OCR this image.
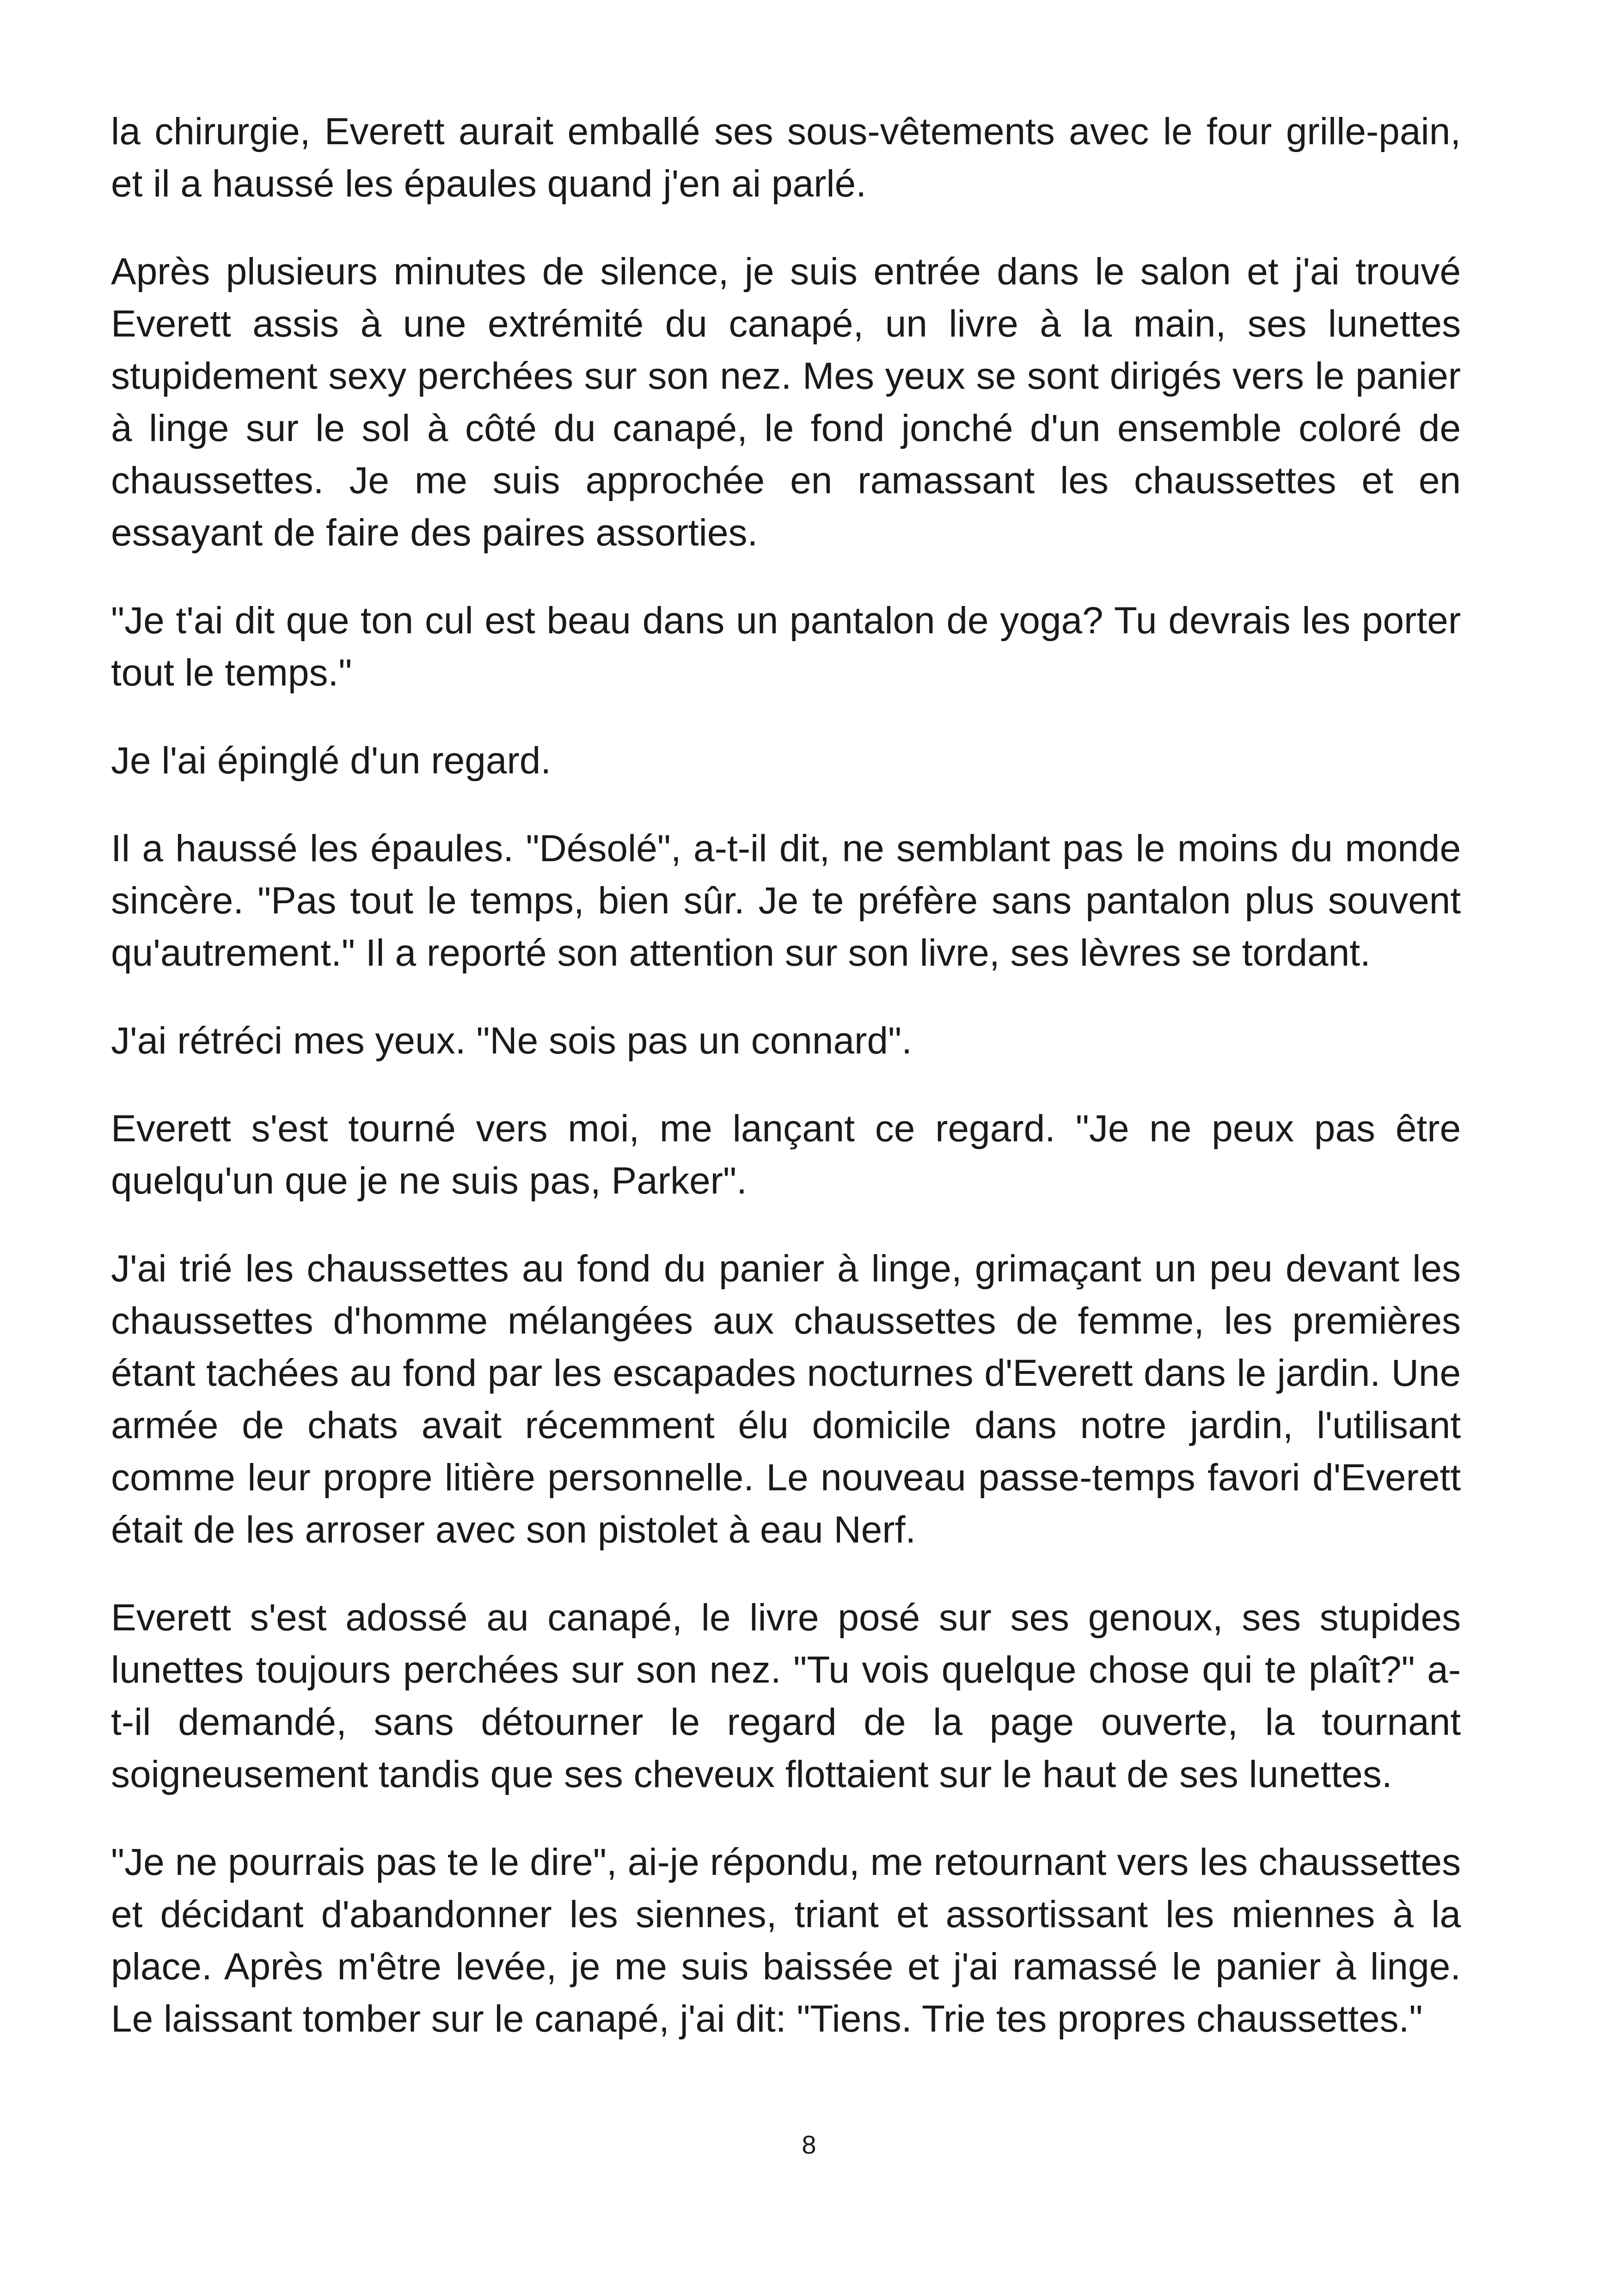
la chirurgie, Everett aurait emballé ses sous-vêtements avec le four grille-pain, et il a haussé les épaules quand j'en ai parlé.

Après plusieurs minutes de silence, je suis entrée dans le salon et j'ai trouvé Everett assis à une extrémité du canapé, un livre à la main, ses lunettes stupidement sexy perchées sur son nez. Mes yeux se sont dirigés vers le panier à linge sur le sol à côté du canapé, le fond jonché d'un ensemble coloré de chaussettes. Je me suis approchée en ramassant les chaussettes et en essayant de faire des paires assorties.

"Je t'ai dit que ton cul est beau dans un pantalon de yoga? Tu devrais les porter tout le temps."

Je l'ai épinglé d'un regard.

Il a haussé les épaules. "Désolé", a-t-il dit, ne semblant pas le moins du monde sincère. "Pas tout le temps, bien sûr. Je te préfère sans pantalon plus souvent qu'autrement." Il a reporté son attention sur son livre, ses lèvres se tordant.

J'ai rétréci mes yeux. "Ne sois pas un connard".

Everett s'est tourné vers moi, me lançant ce regard. "Je ne peux pas être quelqu'un que je ne suis pas, Parker".

J'ai trié les chaussettes au fond du panier à linge, grimaçant un peu devant les chaussettes d'homme mélangées aux chaussettes de femme, les premières étant tachées au fond par les escapades nocturnes d'Everett dans le jardin. Une armée de chats avait récemment élu domicile dans notre jardin, l'utilisant comme leur propre litière personnelle. Le nouveau passe-temps favori d'Everett était de les arroser avec son pistolet à eau Nerf.

Everett s'est adossé au canapé, le livre posé sur ses genoux, ses stupides lunettes toujours perchées sur son nez. "Tu vois quelque chose qui te plaît?" a-t-il demandé, sans détourner le regard de la page ouverte, la tournant soigneusement tandis que ses cheveux flottaient sur le haut de ses lunettes.

"Je ne pourrais pas te le dire", ai-je répondu, me retournant vers les chaussettes et décidant d'abandonner les siennes, triant et assortissant les miennes à la place. Après m'être levée, je me suis baissée et j'ai ramassé le panier à linge. Le laissant tomber sur le canapé, j'ai dit: "Tiens. Trie tes propres chaussettes."

8
